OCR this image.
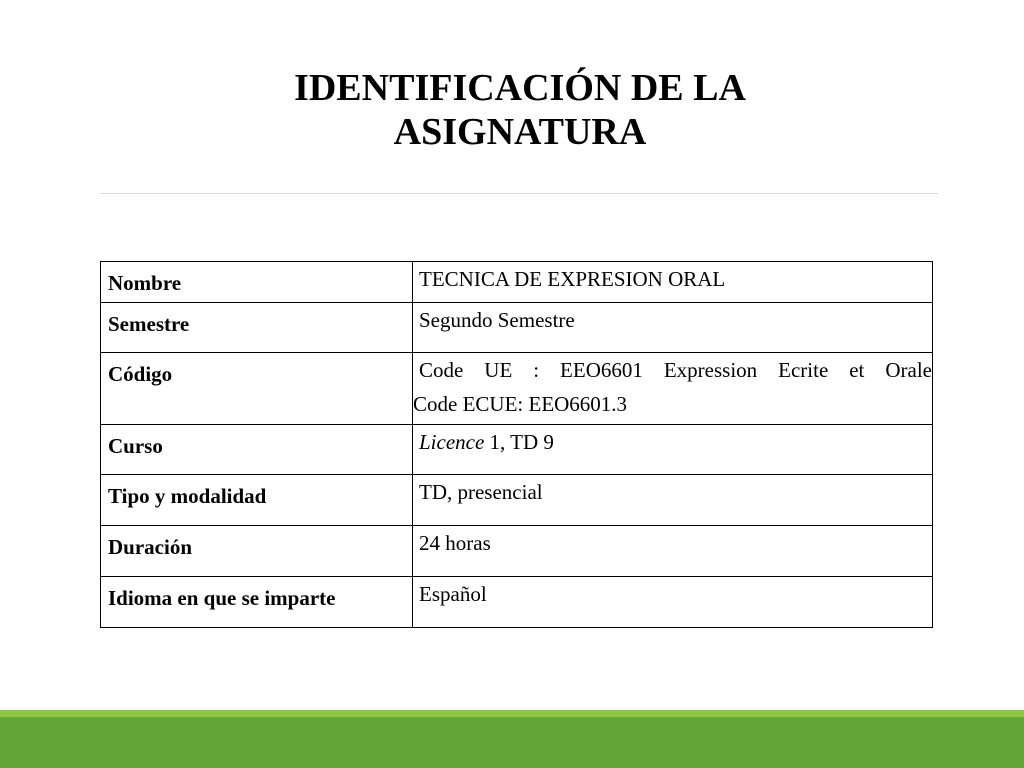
IDENTIFICACIÓN DE LA
ASIGNATURA
Nombre	TECNICA DE EXPRESION ORAL
Semestre	Segundo Semestre
Código	Code UE : EEO6601 Expression Ecrite et Orale
Code ECUE: EEO6601.3

Curso	Licence 1, TD 9
Tipo y modalidad	TD, presencial
Duración	24 horas
Idioma en que se imparte	Español
